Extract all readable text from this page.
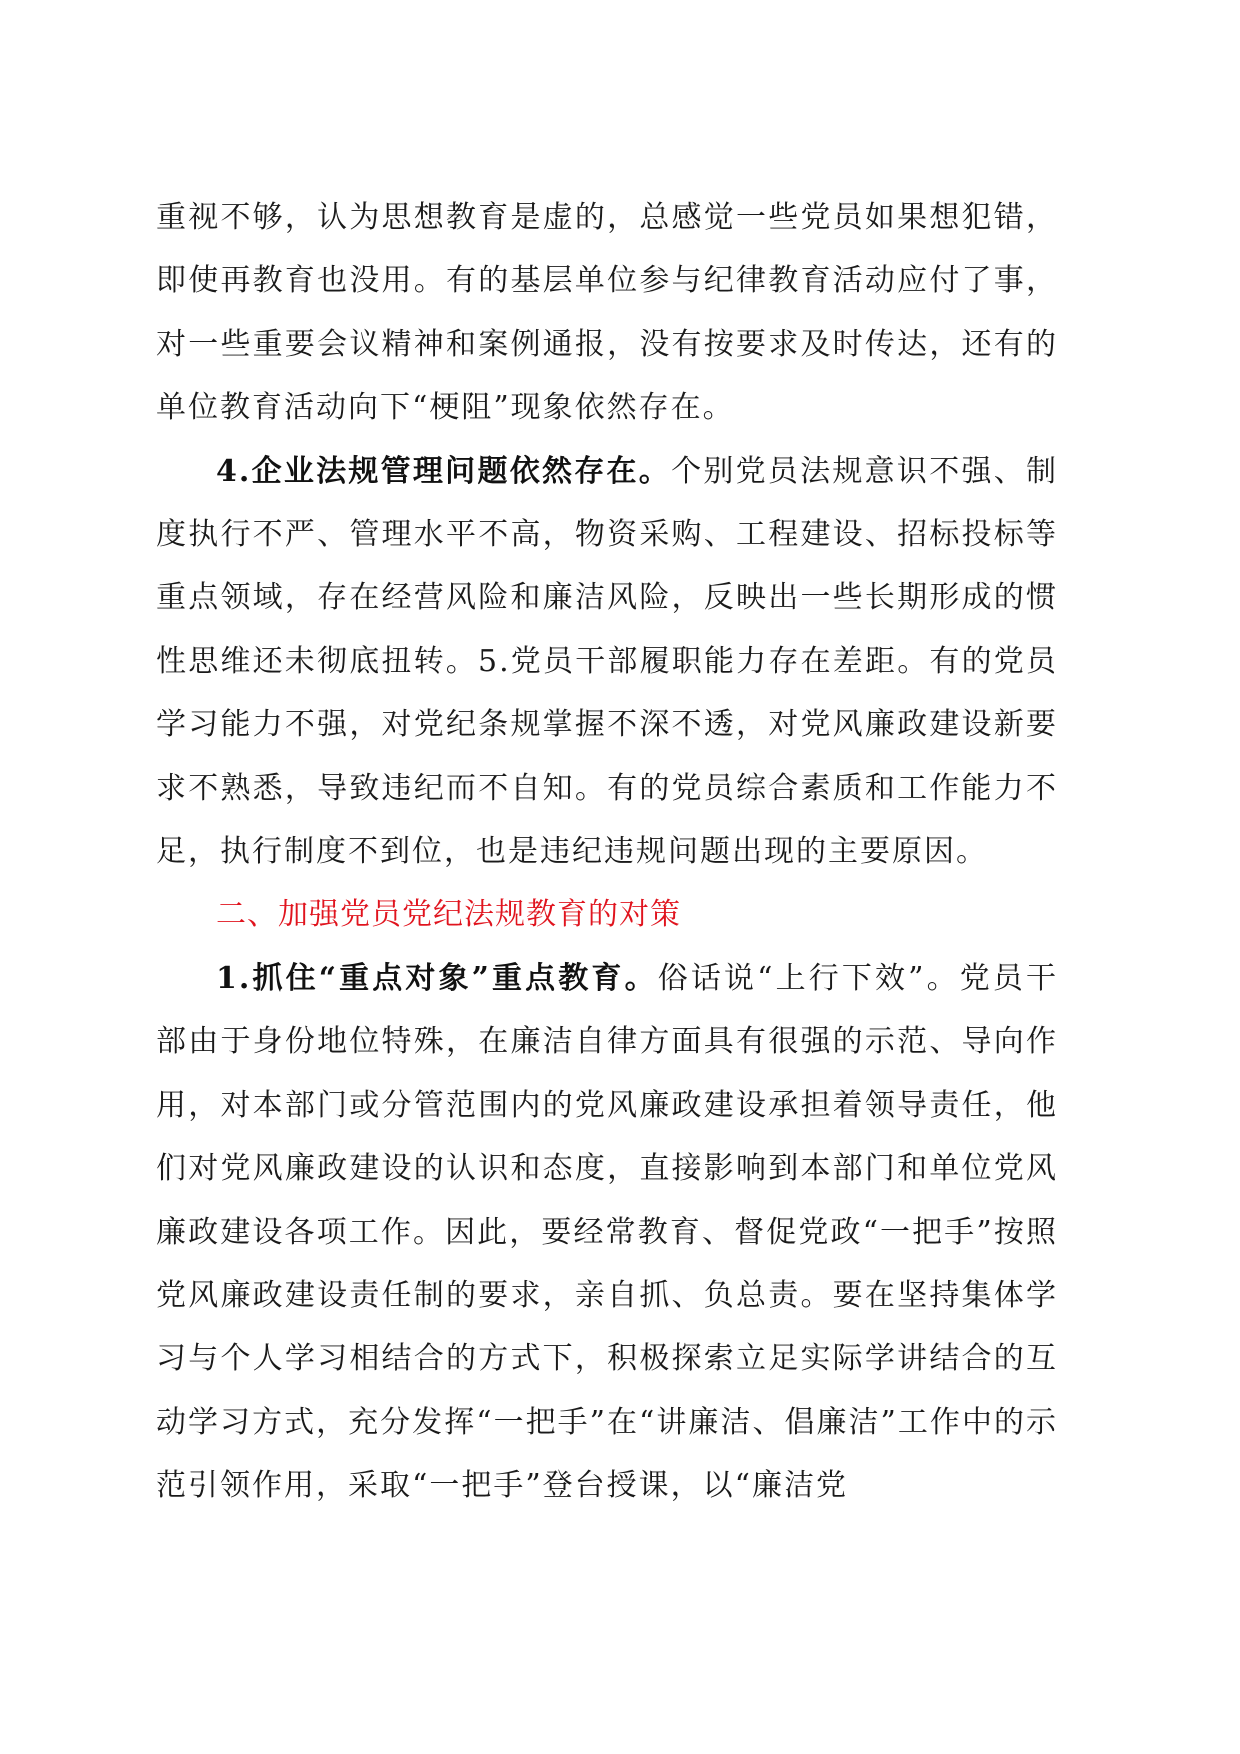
重视不够，认为思想教育是虚的，总感觉一些党员如果想犯错，即使再教育也没用。有的基层单位参与纪律教育活动应付了事，对一些重要会议精神和案例通报，没有按要求及时传达，还有的单位教育活动向下“梗阻”现象依然存在。

4.企业法规管理问题依然存在。个别党员法规意识不强、制度执行不严、管理水平不高，物资采购、工程建设、招标投标等重点领域，存在经营风险和廉洁风险，反映出一些长期形成的惯性思维还未彻底扭转。5.党员干部履职能力存在差距。有的党员学习能力不强，对党纪条规掌握不深不透，对党风廉政建设新要求不熟悉，导致违纪而不自知。有的党员综合素质和工作能力不足，执行制度不到位，也是违纪违规问题出现的主要原因。

二、加强党员党纪法规教育的对策

1.抓住“重点对象”重点教育。俗话说“上行下效”。党员干部由于身份地位特殊，在廉洁自律方面具有很强的示范、导向作用，对本部门或分管范围内的党风廉政建设承担着领导责任，他们对党风廉政建设的认识和态度，直接影响到本部门和单位党风廉政建设各项工作。因此，要经常教育、督促党政“一把手”按照党风廉政建设责任制的要求，亲自抓、负总责。要在坚持集体学习与个人学习相结合的方式下，积极探索立足实际学讲结合的互动学习方式，充分发挥“一把手”在“讲廉洁、倡廉洁”工作中的示范引领作用，采取“一把手”登台授课，以“廉洁党
